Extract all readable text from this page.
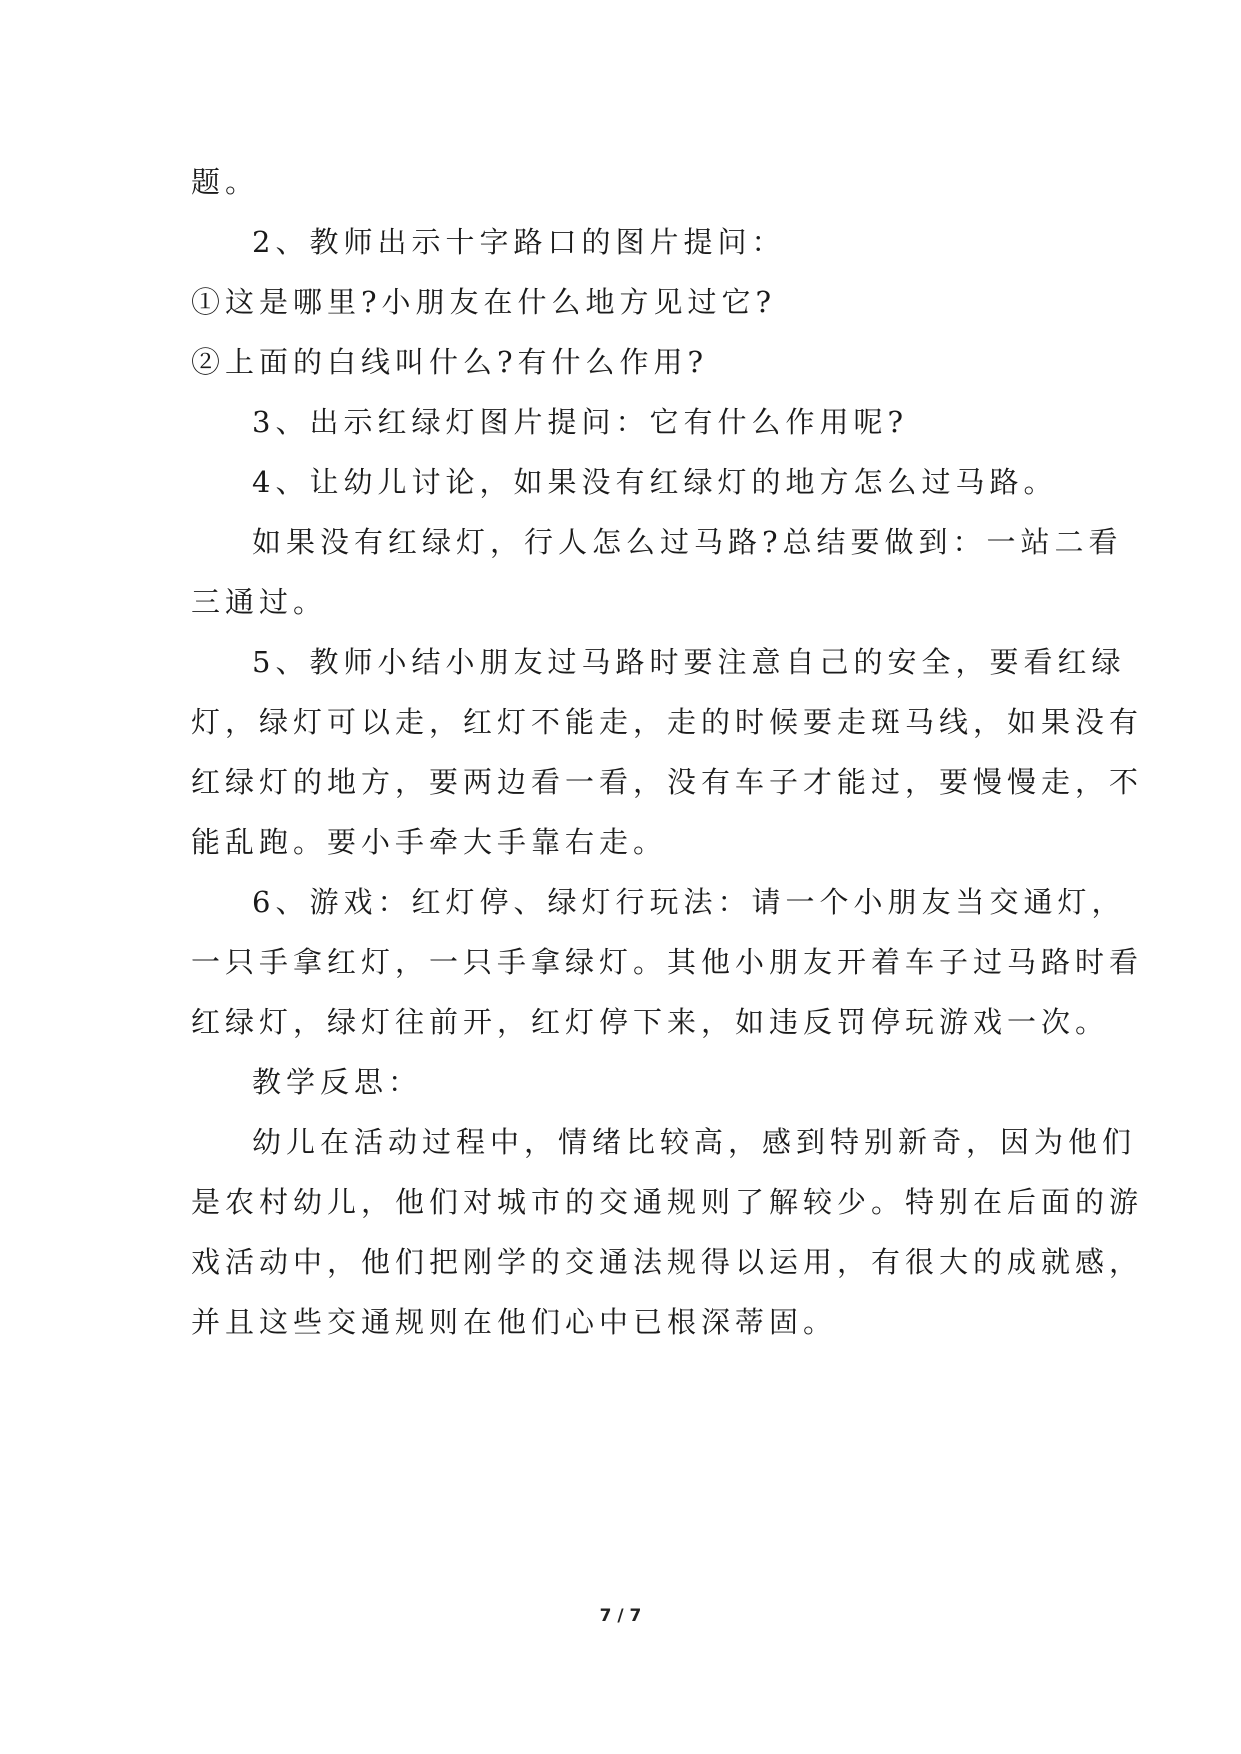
题。
2、教师出示十字路口的图片提问：
①这是哪里?小朋友在什么地方见过它?
②上面的白线叫什么?有什么作用?
3、出示红绿灯图片提问：它有什么作用呢?
4、让幼儿讨论，如果没有红绿灯的地方怎么过马路。
如果没有红绿灯，行人怎么过马路?总结要做到：一站二看
三通过。
5、教师小结小朋友过马路时要注意自己的安全，要看红绿
灯，绿灯可以走，红灯不能走，走的时候要走斑马线，如果没有
红绿灯的地方，要两边看一看，没有车子才能过，要慢慢走，不
能乱跑。要小手牵大手靠右走。
6、游戏：红灯停、绿灯行玩法：请一个小朋友当交通灯，
一只手拿红灯，一只手拿绿灯。其他小朋友开着车子过马路时看
红绿灯，绿灯往前开，红灯停下来，如违反罚停玩游戏一次。
教学反思：
幼儿在活动过程中，情绪比较高，感到特别新奇，因为他们
是农村幼儿，他们对城市的交通规则了解较少。特别在后面的游
戏活动中，他们把刚学的交通法规得以运用，有很大的成就感，
并且这些交通规则在他们心中已根深蒂固。
7 / 7
